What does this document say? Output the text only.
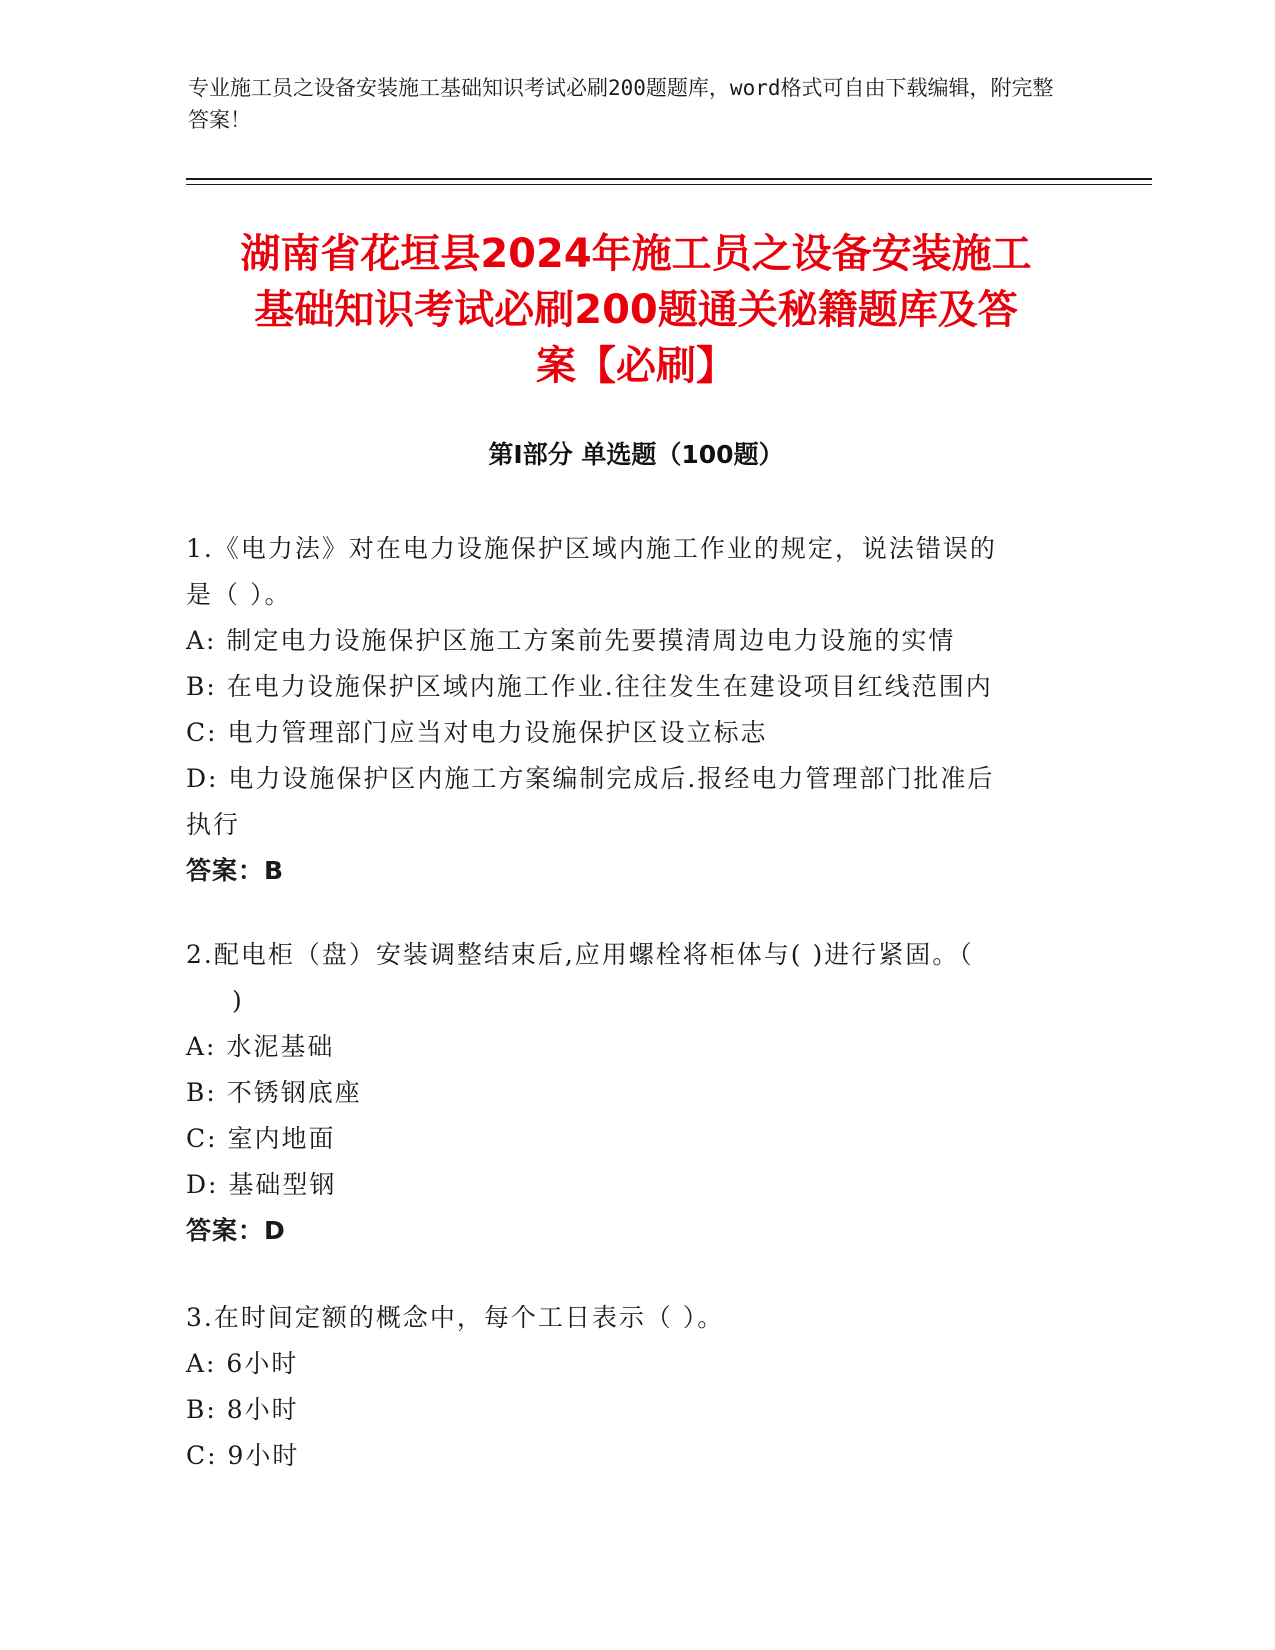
专业施工员之设备安装施工基础知识考试必刷200题题库，word格式可自由下载编辑，附完整答案！

湖南省花垣县2024年施工员之设备安装施工
基础知识考试必刷200题通关秘籍题库及答
案【必刷】
第I部分 单选题（100题）

1.《电力法》对在电力设施保护区域内施工作业的规定，说法错误的

是（ ）。

A: 制定电力设施保护区施工方案前先要摸清周边电力设施的实情

B: 在电力设施保护区域内施工作业.往往发生在建设项目红线范围内

C: 电力管理部门应当对电力设施保护区设立标志

D: 电力设施保护区内施工方案编制完成后.报经电力管理部门批准后

执行

答案：B

2.配电柜（盘）安装调整结束后,应用螺栓将柜体与( )进行紧固。（

)

A: 水泥基础

B: 不锈钢底座

C: 室内地面

D: 基础型钢

答案：D

3.在时间定额的概念中，每个工日表示（ ）。

A: 6小时

B: 8小时

C: 9小时
